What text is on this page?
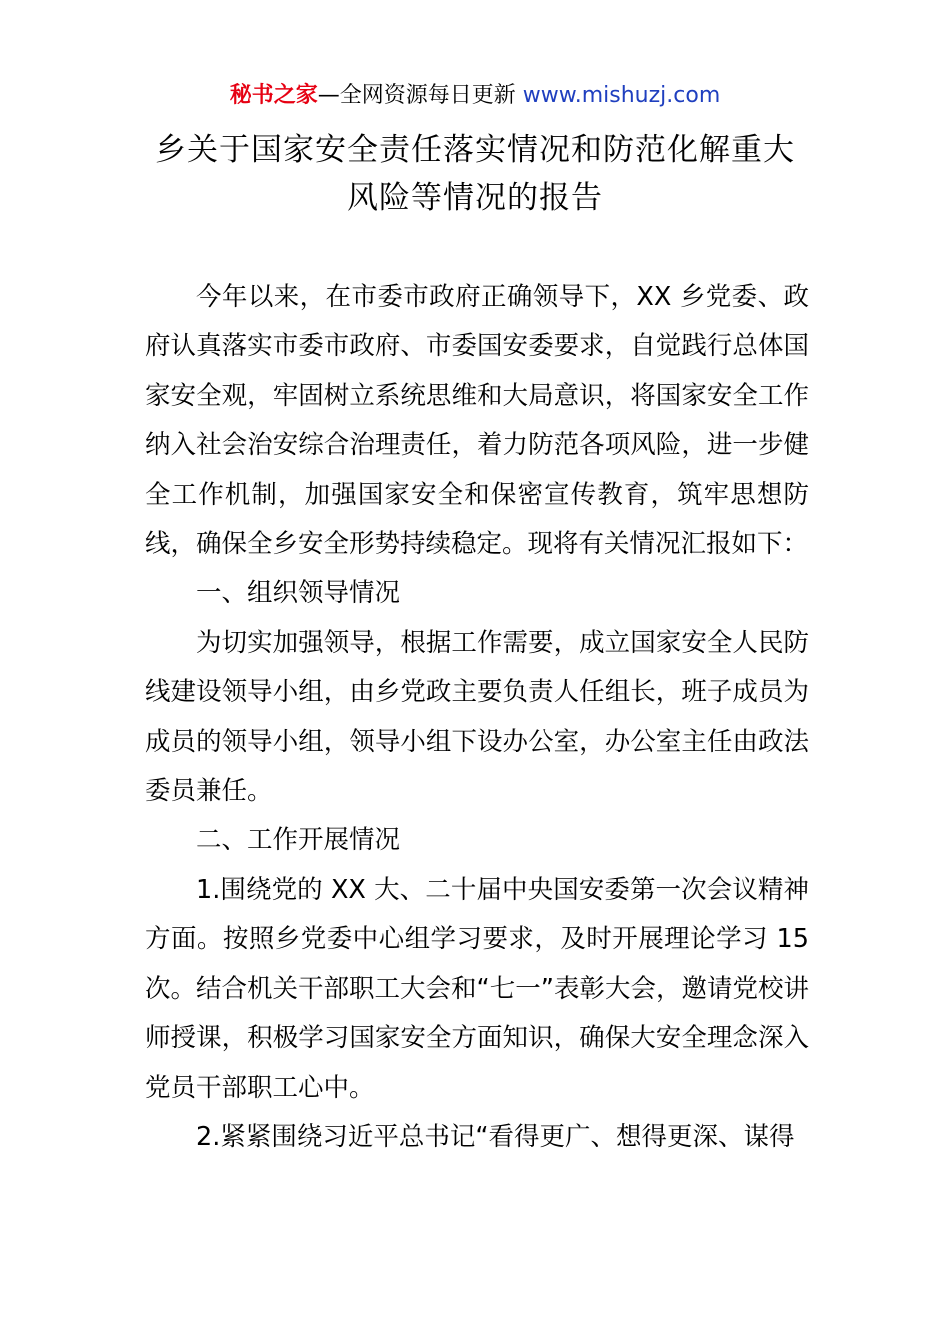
秘书之家—全网资源每日更新 www.mishuzj.com
乡关于国家安全责任落实情况和防范化解重大
风险等情况的报告

今年以来，在市委市政府正确领导下，XX 乡党委、政府认真落实市委市政府、市委国安委要求，自觉践行总体国家安全观，牢固树立系统思维和大局意识，将国家安全工作纳入社会治安综合治理责任，着力防范各项风险，进一步健全工作机制，加强国家安全和保密宣传教育，筑牢思想防线，确保全乡安全形势持续稳定。现将有关情况汇报如下：

一、组织领导情况

为切实加强领导，根据工作需要，成立国家安全人民防线建设领导小组，由乡党政主要负责人任组长，班子成员为成员的领导小组，领导小组下设办公室，办公室主任由政法委员兼任。

二、工作开展情况

1.围绕党的 XX 大、二十届中央国安委第一次会议精神方面。按照乡党委中心组学习要求，及时开展理论学习 15 次。结合机关干部职工大会和“七一”表彰大会，邀请党校讲师授课，积极学习国家安全方面知识，确保大安全理念深入党员干部职工心中。

2.紧紧围绕习近平总书记“看得更广、想得更深、谋得
